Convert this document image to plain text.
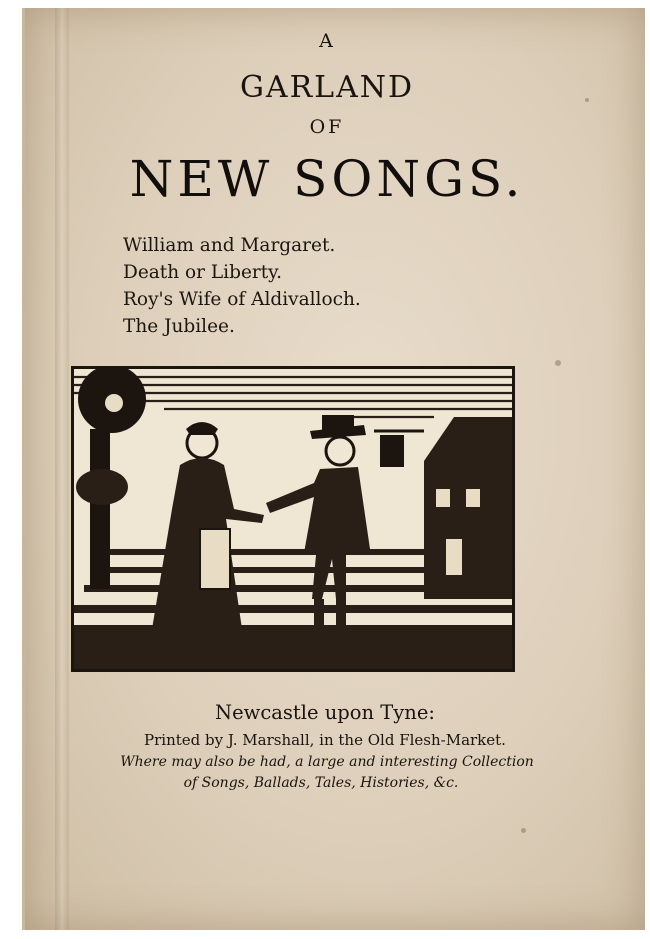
A
GARLAND
OF
NEW SONGS.
William and Margaret.
Death or Liberty.
Roy's Wife of Aldivalloch.
The Jubilee.
Newcastle upon Tyne:
Printed by J. Marshall, in the Old Flesh-Market.
Where may also be had, a large and interesting Collection
of Songs, Ballads, Tales, Histories, &c.
